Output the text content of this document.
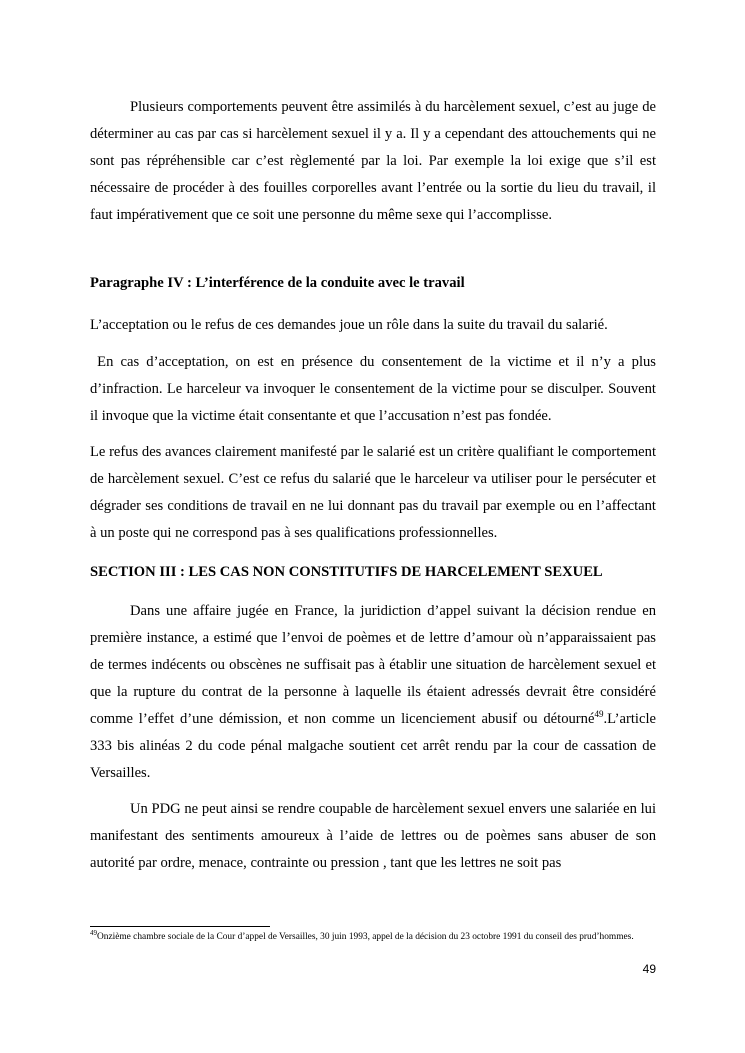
Plusieurs comportements peuvent être assimilés à du harcèlement sexuel, c’est au juge de déterminer au cas par cas si harcèlement sexuel il y a. Il y a cependant des attouchements qui ne sont pas répréhensible car c’est règlementé par la loi. Par exemple la loi exige que s’il est nécessaire de procéder à des fouilles corporelles avant l’entrée ou la sortie du lieu du travail, il faut impérativement que ce soit une personne du même sexe qui l’accomplisse.

Paragraphe IV : L’interférence de la conduite avec le travail

L’acceptation ou le refus de ces demandes joue un rôle dans la suite du travail du salarié.

En cas d’acceptation, on est en présence du consentement de la victime et il n’y a plus d’infraction. Le harceleur va invoquer le consentement de la victime pour se disculper. Souvent il invoque que la victime était consentante et que l’accusation n’est pas fondée.

Le refus des avances clairement manifesté par le salarié est un critère qualifiant le comportement de harcèlement sexuel. C’est ce refus du salarié que le harceleur va utiliser pour le persécuter et dégrader ses conditions de travail en ne lui donnant pas du travail par exemple ou en l’affectant à un poste qui ne correspond pas à ses qualifications professionnelles.

SECTION III : LES CAS NON CONSTITUTIFS DE HARCELEMENT SEXUEL

Dans une affaire jugée en France, la juridiction d’appel suivant la décision rendue en première instance, a estimé que l’envoi de poèmes et de lettre d’amour où n’apparaissaient pas de termes indécents ou obscènes ne suffisait pas à établir une situation de harcèlement sexuel et que la rupture du contrat de la personne à laquelle ils étaient adressés devrait être considéré comme l’effet d’une démission, et non comme un licenciement abusif ou détourné$^{49}$.L’article 333 bis alinéas 2 du code pénal malgache soutient cet arrêt rendu par la cour de cassation de Versailles.

Un PDG ne peut ainsi se rendre coupable de harcèlement sexuel envers une salariée en lui manifestant des sentiments amoureux à l’aide de lettres ou de poèmes sans abuser de son autorité par ordre, menace, contrainte ou pression , tant que les lettres ne soit pas

$^{49}$Onzième chambre sociale de la Cour d’appel de Versailles, 30 juin 1993, appel de la décision du 23 octobre 1991 du conseil des prud’hommes.
49
